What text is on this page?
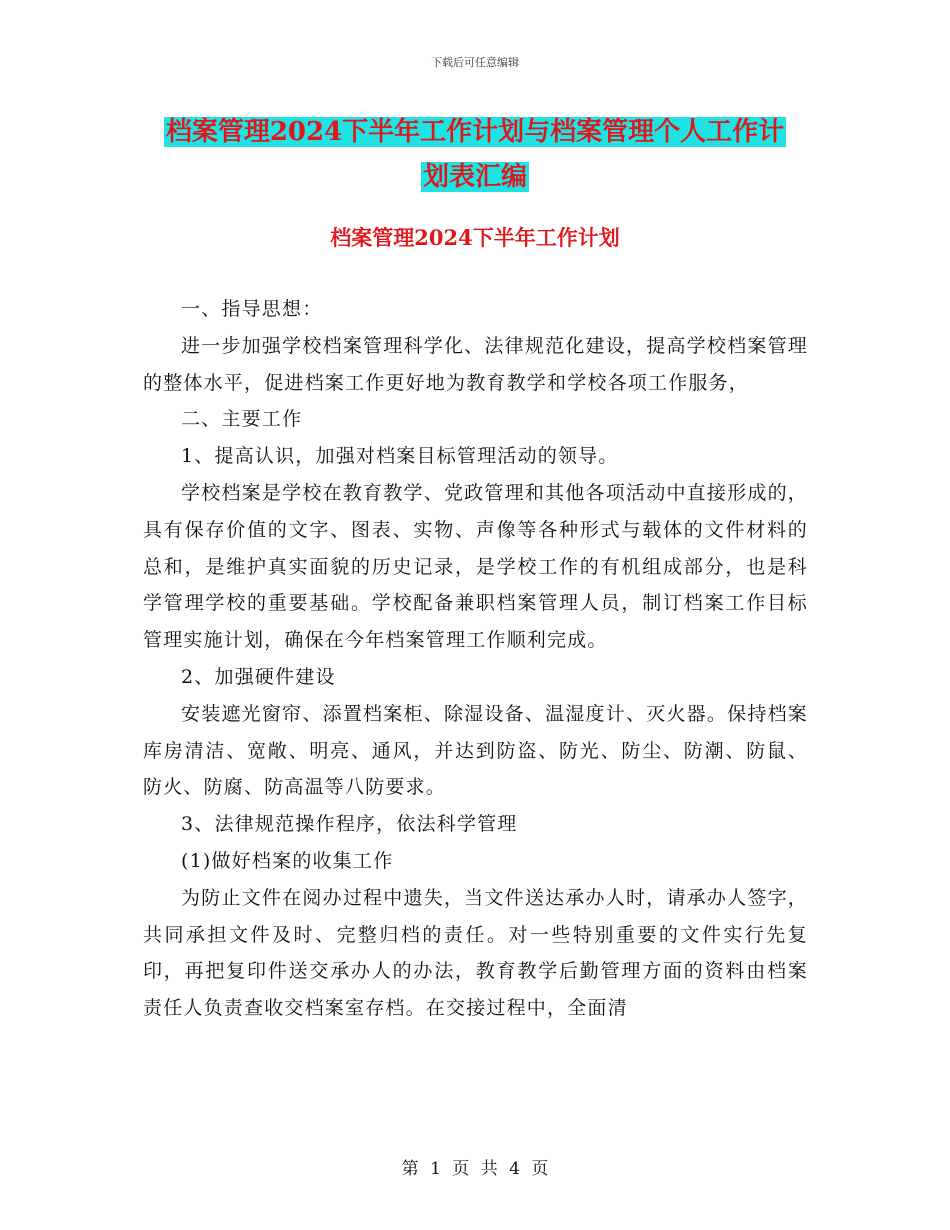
下载后可任意编辑
档案管理2024下半年工作计划与档案管理个人工作计
划表汇编
档案管理2024下半年工作计划

一、指导思想：

进一步加强学校档案管理科学化、法律规范化建设，提高学校档案管理的整体水平，促进档案工作更好地为教育教学和学校各项工作服务，

二、主要工作

1、提高认识，加强对档案目标管理活动的领导。

学校档案是学校在教育教学、党政管理和其他各项活动中直接形成的，具有保存价值的文字、图表、实物、声像等各种形式与载体的文件材料的总和，是维护真实面貌的历史记录，是学校工作的有机组成部分，也是科学管理学校的重要基础。学校配备兼职档案管理人员，制订档案工作目标管理实施计划，确保在今年档案管理工作顺利完成。

2、加强硬件建设

安装遮光窗帘、添置档案柜、除湿设备、温湿度计、灭火器。保持档案库房清洁、宽敞、明亮、通风，并达到防盗、防光、防尘、防潮、防鼠、防火、防腐、防高温等八防要求。

3、法律规范操作程序，依法科学管理

(1)做好档案的收集工作

为防止文件在阅办过程中遗失，当文件送达承办人时，请承办人签字，共同承担文件及时、完整归档的责任。对一些特别重要的文件实行先复印，再把复印件送交承办人的办法，教育教学后勤管理方面的资料由档案责任人负责查收交档案室存档。在交接过程中，全面清

第 1 页 共 4 页
